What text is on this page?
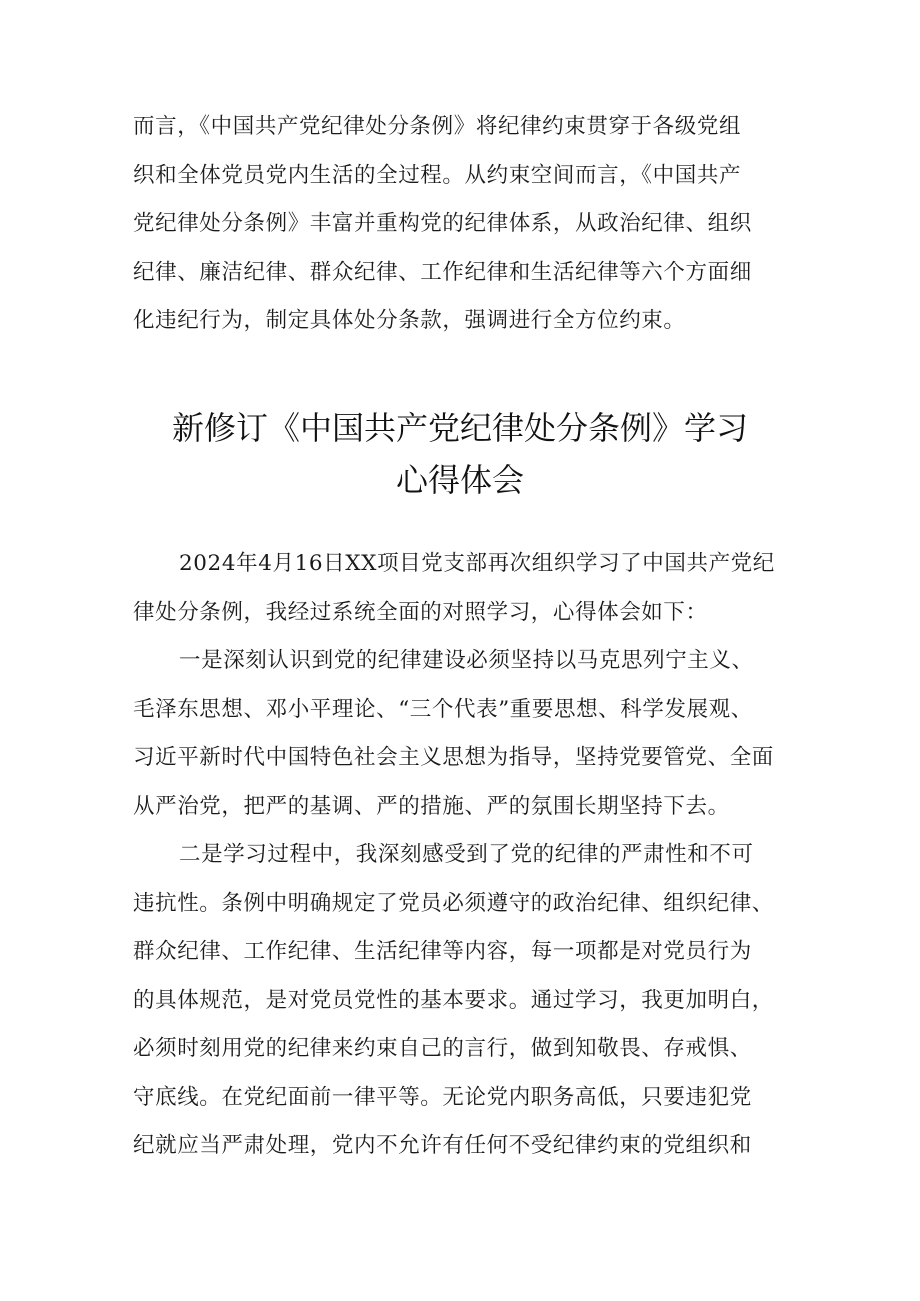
而言，《中国共产党纪律处分条例》将纪律约束贯穿于各级党组
织和全体党员党内生活的全过程。从约束空间而言，《中国共产
党纪律处分条例》丰富并重构党的纪律体系，从政治纪律、组织
纪律、廉洁纪律、群众纪律、工作纪律和生活纪律等六个方面细
化违纪行为，制定具体处分条款，强调进行全方位约束。
新修订《中国共产党纪律处分条例》学习
心得体会
2024年4月16日XX项目党支部再次组织学习了中国共产党纪
律处分条例，我经过系统全面的对照学习，心得体会如下：
一是深刻认识到党的纪律建设必须坚持以马克思列宁主义、
毛泽东思想、邓小平理论、“三个代表”重要思想、科学发展观、
习近平新时代中国特色社会主义思想为指导，坚持党要管党、全面
从严治党，把严的基调、严的措施、严的氛围长期坚持下去。
二是学习过程中，我深刻感受到了党的纪律的严肃性和不可
违抗性。条例中明确规定了党员必须遵守的政治纪律、组织纪律、
群众纪律、工作纪律、生活纪律等内容，每一项都是对党员行为
的具体规范，是对党员党性的基本要求。通过学习，我更加明白，
必须时刻用党的纪律来约束自己的言行，做到知敬畏、存戒惧、
守底线。在党纪面前一律平等。无论党内职务高低，只要违犯党
纪就应当严肃处理，党内不允许有任何不受纪律约束的党组织和
